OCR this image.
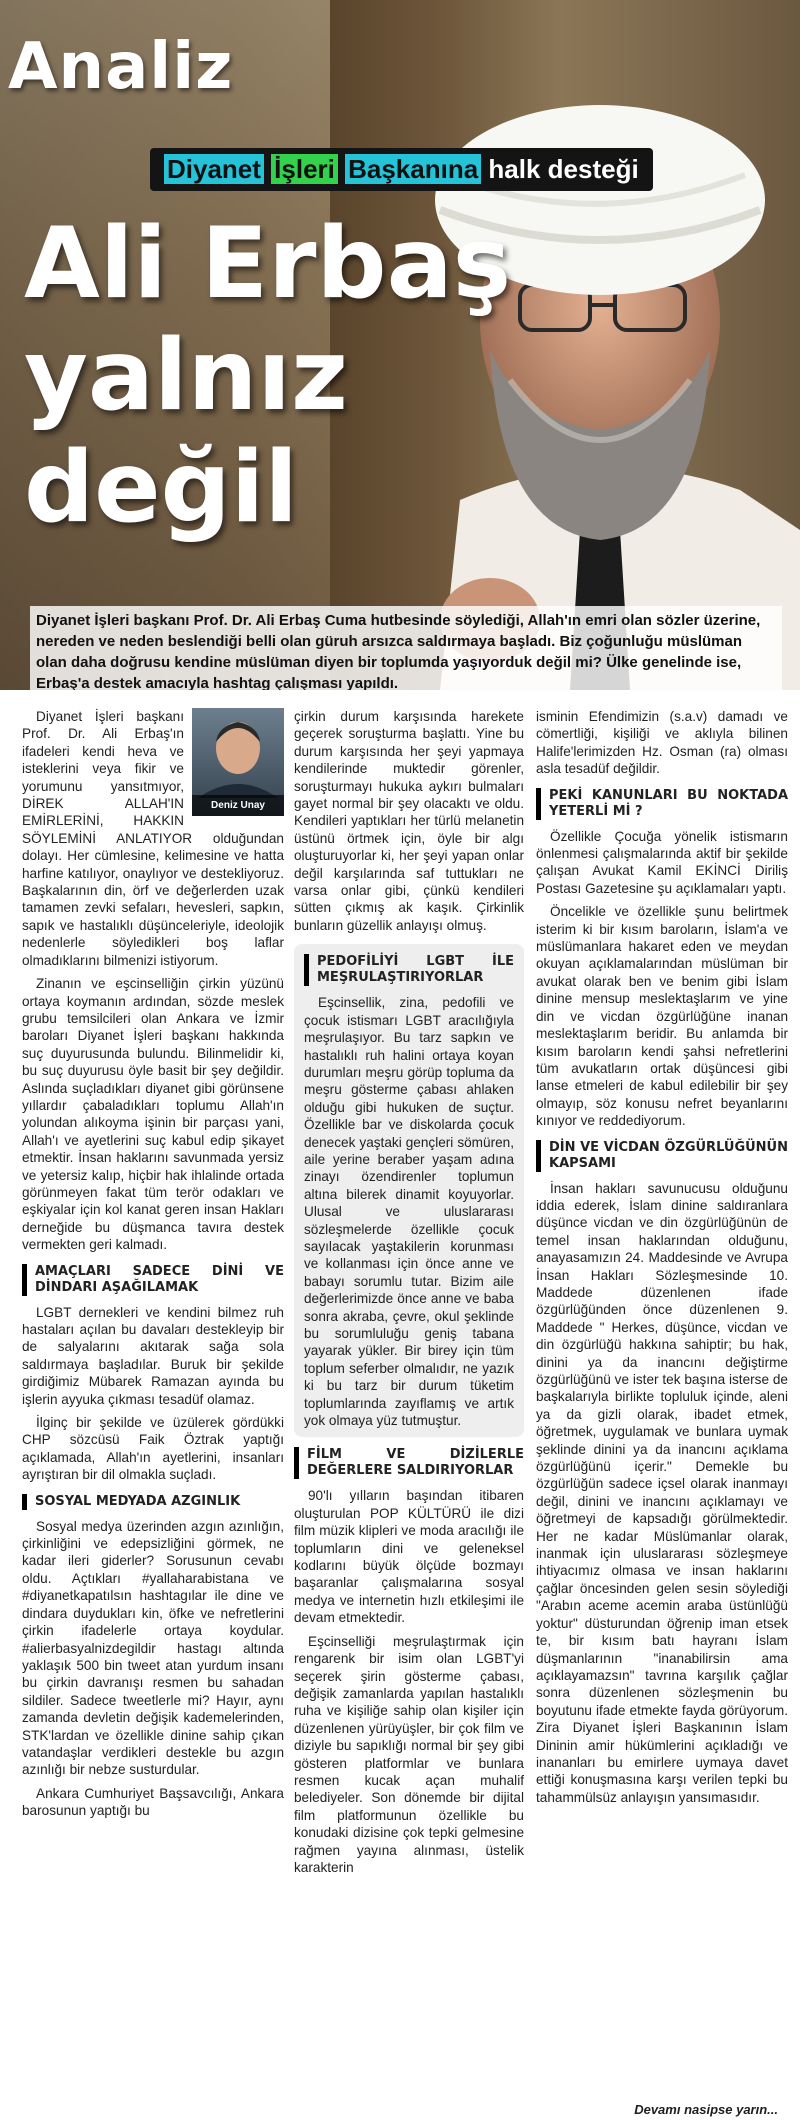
Analiz
Diyanet İşleri Başkanına halk desteği
Ali Erbaş
yalnız
değil
Diyanet İşleri başkanı Prof. Dr. Ali Erbaş Cuma hutbesinde söylediği, Allah'ın emri olan sözler üzerine, nereden ve neden beslendiği belli olan güruh arsızca saldırmaya başladı. Biz çoğunluğu müslüman olan daha doğrusu kendine müslüman diyen bir toplumda yaşıyorduk değil mi? Ülke genelinde ise, Erbaş'a destek amacıyla hashtag çalışması yapıldı.
Deniz Unay

Diyanet İşleri başkanı Prof. Dr. Ali Erbaş'ın ifadeleri kendi heva ve isteklerini veya fikir ve yorumunu yansıtmıyor, DİREK ALLAH'IN EMİRLERİNİ, HAKKIN SÖYLEMİNİ ANLATIYOR olduğundan dolayı. Her cümlesine, kelimesine ve hatta harfine katılıyor, onaylıyor ve destekliyoruz. Başkalarının din, örf ve değerlerden uzak tamamen zevki sefaları, hevesleri, sapkın, sapık ve hastalıklı düşünceleriyle, ideolojik nedenlerle söyledikleri boş laflar olmadıklarını bilmenizi istiyorum.

Zinanın ve eşcinselliğin çirkin yüzünü ortaya koymanın ardından, sözde meslek grubu temsilcileri olan Ankara ve İzmir baroları Diyanet İşleri başkanı hakkında suç duyurusunda bulundu. Bilinmelidir ki, bu suç duyurusu öyle basit bir şey değildir. Aslında suçladıkları diyanet gibi görünsene yıllardır çabaladıkları toplumu Allah'ın yolundan alıkoyma işinin bir parçası yani, Allah'ı ve ayetlerini suç kabul edip şikayet etmektir. İnsan haklarını savunmada yersiz ve yetersiz kalıp, hiçbir hak ihlalinde ortada görünmeyen fakat tüm terör odakları ve eşkiyalar için kol kanat geren insan Hakları derneğide bu düşmanca tavıra destek vermekten geri kalmadı.

AMAÇLARI SADECE DİNİ VE DİNDARI AŞAĞILAMAK

LGBT dernekleri ve kendini bilmez ruh hastaları açılan bu davaları destekleyip bir de salyalarını akıtarak sağa sola saldırmaya başladılar. Buruk bir şekilde girdiğimiz Mübarek Ramazan ayında bu işlerin ayyuka çıkması tesadüf olamaz.

İlginç bir şekilde ve üzülerek gördükki CHP sözcüsü Faik Öztrak yaptığı açıklamada, Allah'ın ayetlerini, insanları ayrıştıran bir dil olmakla suçladı.

SOSYAL MEDYADA AZGINLIK

Sosyal medya üzerinden azgın azınlığın, çirkinliğini ve edepsizliğini görmek, ne kadar ileri giderler? Sorusunun cevabı oldu. Açtıkları #yallaharabistana ve #diyanetkapatılsın hashtagılar ile dine ve dindara duydukları kin, öfke ve nefretlerini çirkin ifadelerle ortaya koydular. #alierbasyalnizdegildir hastagı altında yaklaşık 500 bin tweet atan yurdum insanı bu çirkin davranışı resmen bu sahadan sildiler. Sadece tweetlerle mi? Hayır, aynı zamanda devletin değişik kademelerinden, STK'lardan ve özellikle dinine sahip çıkan vatandaşlar verdikleri destekle bu azgın azınlığı bir nebze susturdular.

Ankara Cumhuriyet Başsavcılığı, Ankara barosunun yaptığı bu

çirkin durum karşısında harekete geçerek soruşturma başlattı. Yine bu durum karşısında her şeyi yapmaya kendilerinde muktedir görenler, soruşturmayı hukuka aykırı bulmaları gayet normal bir şey olacaktı ve oldu. Kendileri yaptıkları her türlü melanetin üstünü örtmek için, öyle bir algı oluşturuyorlar ki, her şeyi yapan onlar değil karşılarında saf tuttukları ne varsa onlar gibi, çünkü kendileri sütten çıkmış ak kaşık. Çirkinlik bunların güzellik anlayışı olmuş.

PEDOFİLİYİ LGBT İLE MEŞRULAŞTIRIYORLAR

Eşcinsellik, zina, pedofili ve çocuk istismarı LGBT aracılığıyla meşrulaşıyor. Bu tarz sapkın ve hastalıklı ruh halini ortaya koyan durumları meşru görüp topluma da meşru gösterme çabası ahlaken olduğu gibi hukuken de suçtur. Özellikle bar ve diskolarda çocuk denecek yaştaki gençleri sömüren, aile yerine beraber yaşam adına zinayı özendirenler toplumun altına bilerek dinamit koyuyorlar. Ulusal ve uluslararası sözleşmelerde özellikle çocuk sayılacak yaştakilerin korunması ve kollanması için önce anne ve babayı sorumlu tutar. Bizim aile değerlerimizde önce anne ve baba sonra akraba, çevre, okul şeklinde bu sorumluluğu geniş tabana yayarak yükler. Bir birey için tüm toplum seferber olmalıdır, ne yazık ki bu tarz bir durum tüketim toplumlarında zayıflamış ve artık yok olmaya yüz tutmuştur.

FİLM VE DİZİLERLE DEĞERLERE SALDIRIYORLAR

90'lı yılların başından itibaren oluşturulan POP KÜLTÜRÜ ile dizi film müzik klipleri ve moda aracılığı ile toplumların dini ve geleneksel kodlarını büyük ölçüde bozmayı başaranlar çalışmalarına sosyal medya ve internetin hızlı etkileşimi ile devam etmektedir.

Eşcinselliği meşrulaştırmak için rengarenk bir isim olan LGBT'yi seçerek şirin gösterme çabası, değişik zamanlarda yapılan hastalıklı ruha ve kişiliğe sahip olan kişiler için düzenlenen yürüyüşler, bir çok film ve diziyle bu sapıklığı normal bir şey gibi gösteren platformlar ve bunlara resmen kucak açan muhalif belediyeler. Son dönemde bir dijital film platformunun özellikle bu konudaki dizisine çok tepki gelmesine rağmen yayına alınması, üstelik karakterin

isminin Efendimizin (s.a.v) damadı ve cömertliği, kişiliği ve aklıyla bilinen Halife'lerimizden Hz. Osman (ra) olması asla tesadüf değildir.

PEKİ KANUNLARI BU NOKTADA YETERLİ Mİ ?

Özellikle Çocuğa yönelik istismarın önlenmesi çalışmalarında aktif bir şekilde çalışan Avukat Kamil EKİNCİ Diriliş Postası Gazetesine şu açıklamaları yaptı.

Öncelikle ve özellikle şunu belirtmek isterim ki bir kısım baroların, İslam'a ve müslümanlara hakaret eden ve meydan okuyan açıklamalarından müslüman bir avukat olarak ben ve benim gibi İslam dinine mensup meslektaşlarım ve yine din ve vicdan özgürlüğüne inanan meslektaşlarım beridir. Bu anlamda bir kısım baroların kendi şahsi nefretlerini tüm avukatların ortak düşüncesi gibi lanse etmeleri de kabul edilebilir bir şey olmayıp, söz konusu nefret beyanlarını kınıyor ve reddediyorum.

DİN VE VİCDAN ÖZGÜRLÜĞÜNÜN KAPSAMI

İnsan hakları savunucusu olduğunu iddia ederek, İslam dinine saldıranlara düşünce vicdan ve din özgürlüğünün de temel insan haklarından olduğunu, anayasamızın 24. Maddesinde ve Avrupa İnsan Hakları Sözleşmesinde 10. Maddede düzenlenen ifade özgürlüğünden önce düzenlenen 9. Maddede " Herkes, düşünce, vicdan ve din özgürlüğü hakkına sahiptir; bu hak, dinini ya da inancını değiştirme özgürlüğünü ve ister tek başına isterse de başkalarıyla birlikte topluluk içinde, aleni ya da gizli olarak, ibadet etmek, öğretmek, uygulamak ve bunlara uymak şeklinde dinini ya da inancını açıklama özgürlüğünü içerir." Demekle bu özgürlüğün sadece içsel olarak inanmayı değil, dinini ve inancını açıklamayı ve öğretmeyi de kapsadığı görülmektedir. Her ne kadar Müslümanlar olarak, inanmak için uluslararası sözleşmeye ihtiyacımız olmasa ve insan haklarını çağlar öncesinden gelen sesin söylediği "Arabın aceme acemin araba üstünlüğü yoktur" düsturundan öğrenip iman etsek te, bir kısım batı hayranı İslam düşmanlarının "inanabilirsin ama açıklayamazsın" tavrına karşılık çağlar sonra düzenlenen sözleşmenin bu boyutunu ifade etmekte fayda görüyorum. Zira Diyanet İşleri Başkanının İslam Dininin amir hükümlerini açıkladığı ve inananları bu emirlere uymaya davet ettiği konuşmasına karşı verilen tepki bu tahammülsüz anlayışın yansımasıdır.

Devamı nasipse yarın...
